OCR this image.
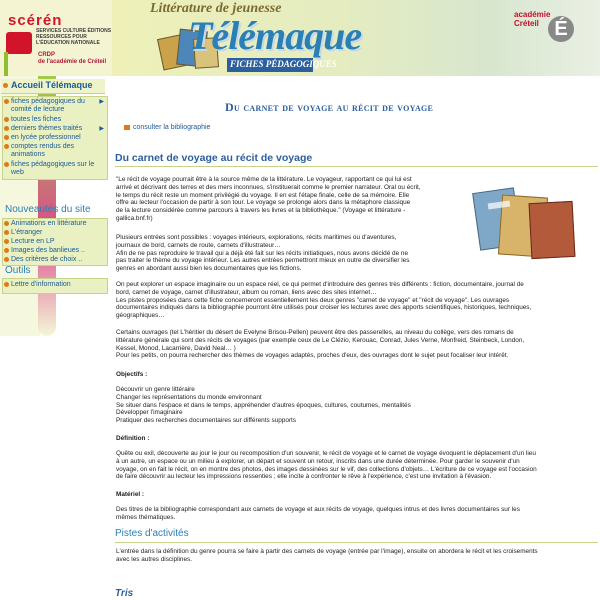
scérén
SERVICES CULTURE ÉDITIONS RESSOURCES POUR L'ÉDUCATION NATIONALE
CRDP
de l'académie de Créteil
Littérature de jeunesse
Télémaque
FICHES PÉDAGOGIQUES
académie
Créteil É
Accueil Télémaque
fiches pédagogiques du comité de lecture
▶
toutes les fiches
derniers thèmes traités	▶
en lycée professionnel
comptes rendus des animations
fiches pédagogiques sur le web
Nouveautés du site
Animations en littérature
L'étranger
Lecture en LP
Images des banlieues ..
Des critères de choix ..
Outils
Lettre d'information
Du carnet de voyage au récit de voyage
consulter la bibliographie
Du carnet de voyage au récit de voyage
"Le récit de voyage pourrait être à la source même de la littérature. Le voyageur, rapportant ce qui lui est
arrivé et décrivant des terres et des mers inconnues, s'instituerait comme le premier narrateur. Oral ou écrit,
le temps du récit reste un moment privilégié du voyage. Il en est l'étape finale, celle de sa mémoire. Elle
offre au lecteur l'occasion de partir à son tour. Le voyage se prolonge alors dans la métaphore classique
de la lecture considérée comme parcours à travers les livres et la bibliothèque." (Voyage et littérature -
gallica.bnf.fr)
Plusieurs entrées sont possibles : voyages intérieurs, explorations, récits maritimes ou d'aventures,
journaux de bord, carnets de route, carnets d'illustrateur…
Afin de ne pas reproduire le travail qui a déjà été fait sur les récits initiatiques, nous avons décidé de ne
pas traiter le thème du voyage intérieur. Les autres entrées permettront mieux en outre de diversifier les
genres en abordant aussi bien les documentaires que les fictions.
On peut explorer un espace imaginaire ou un espace réel, ce qui permet d'introduire des genres très différents : fiction, documentaire, journal de
bord, carnet de voyage, carnet d'illustrateur, album ou roman, liens avec des sites internet…
Les pistes proposées dans cette fiche concerneront essentiellement les deux genres "carnet de voyage" et "récit de voyage". Les ouvrages
documentaires indiqués dans la bibliographie pourront être utilisés pour croiser les lectures avec des apports scientifiques, historiques, techniques,
géographiques…
Certains ouvrages (tel L'héritier du désert de Evelyne Brisou-Pellen) peuvent être des passerelles, au niveau du collège, vers des romans de
littérature générale qui sont des récits de voyages (par exemple ceux de Le Clézio, Kerouac, Conrad, Jules Verne, Monfreid, Steinbeck, London,
Kessel, Monod, Lacarrière, David Neal… )
Pour les petits, on pourra rechercher des thèmes de voyages adaptés, proches d'eux, des ouvrages dont le sujet peut focaliser leur intérêt.
Objectifs :
Découvrir un genre littéraire
Changer les représentations du monde environnant
Se situer dans l'espace et dans le temps, appréhender d'autres époques, cultures, coutumes, mentalités
Développer l'imaginaire
Pratiquer des recherches documentaires sur différents supports
Définition :
Quête ou exil, découverte au jour le jour ou recomposition d'un souvenir, le récit de voyage et le carnet de voyage évoquent le déplacement d'un lieu
à un autre, un espace ou un milieu à explorer, un départ et souvent un retour, inscrits dans une durée déterminée. Pour garder le souvenir d'un
voyage, on en fait le récit, on en montre des photos, des images dessinées sur le vif, des collections d'objets… L'écriture de ce voyage est l'occasion
de faire découvrir au lecteur les impressions ressenties ; elle incite à confronter le rêve à l'expérience, c'est une invitation à l'évasion.
Matériel :
Des titres de la bibliographie correspondant aux carnets de voyage et aux récits de voyage, quelques intrus et des livres documentaires sur les
mêmes thématiques.
Pistes d'activités
L'entrée dans la définition du genre pourra se faire à partir des carnets de voyage (entrée par l'image), ensuite on abordera le récit et les croisements
avec les autres disciplines.
Tris
